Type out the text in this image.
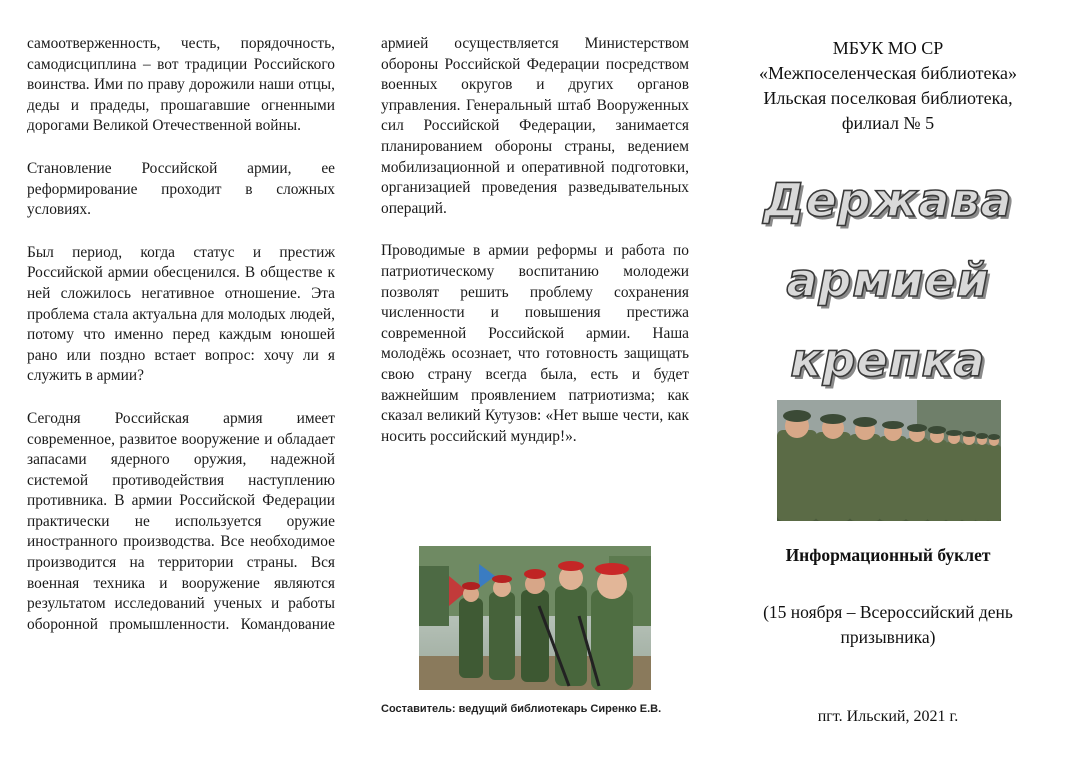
самоотверженность, честь, порядочность, самодисциплина – вот традиции Российского воинства. Ими по праву дорожили наши отцы, деды и прадеды, прошагавшие огненными дорогами Великой Отечественной войны.

Становление Российской армии, ее реформирование проходит в сложных условиях.

Был период, когда статус и престиж Российской армии обесценился. В обществе к ней сложилось негативное отношение. Эта проблема стала актуальна для молодых людей, потому что именно перед каждым юношей рано или поздно встает вопрос: хочу ли я служить в армии?

Сегодня Российская армия имеет современное, развитое вооружение и обладает запасами ядерного оружия, надежной системой противодействия наступлению противника. В армии Российской Федерации практически не используется оружие иностранного производства. Все необходимое производится на территории страны. Вся военная техника и вооружение являются результатом исследований ученых и работы оборонной промышленности. Командование

армией осуществляется Министерством обороны Российской Федерации посредством военных округов и других органов управления. Генеральный штаб Вооруженных сил Российской Федерации, занимается планированием обороны страны, ведением мобилизационной и оперативной подготовки, организацией проведения разведывательных операций.

Проводимые в армии реформы и работа по патриотическому воспитанию молодежи позволят решить проблему сохранения численности и повышения престижа современной Российской армии. Наша молодёжь осознает, что готовность защищать свою страну всегда была, есть и будет важнейшим проявлением патриотизма; как сказал великий Кутузов: «Нет выше чести, как носить российский мундир!».

Составитель: ведущий библиотекарь Сиренко Е.В.
МБУК МО СР
«Межпоселенческая библиотека»
Ильская поселковая библиотека,
филиал № 5
Держава
армией
крепка
Информационный буклет
(15 ноября – Всероссийский день
призывника)
пгт. Ильский, 2021 г.
